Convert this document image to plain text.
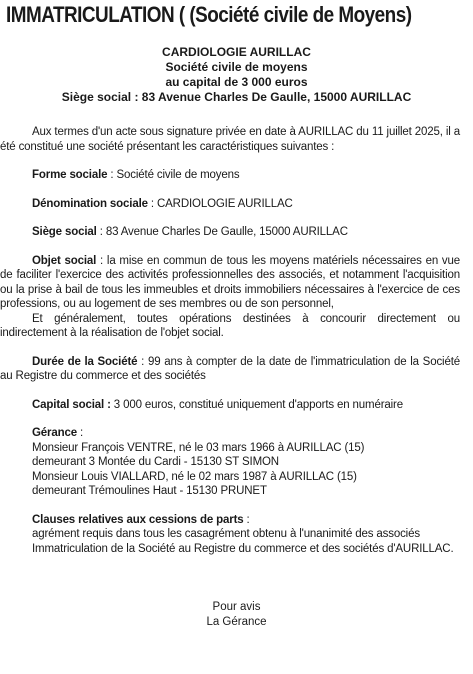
IMMATRICULATION ( (Société civile de Moyens)
CARDIOLOGIE AURILLAC
Société civile de moyens
au capital de 3 000 euros
Siège social : 83 Avenue Charles De Gaulle, 15000 AURILLAC

Aux termes d'un acte sous signature privée en date à AURILLAC du 11 juillet 2025, il a été constitué une société présentant les caractéristiques suivantes :

Forme sociale : Société civile de moyens

Dénomination sociale : CARDIOLOGIE AURILLAC

Siège social : 83 Avenue Charles De Gaulle, 15000 AURILLAC

Objet social : la mise en commun de tous les moyens matériels nécessaires en vue de faciliter l'exercice des activités professionnelles des associés, et notamment l'acquisition ou la prise à bail de tous les immeubles et droits immobiliers nécessaires à l'exercice de ces professions, ou au logement de ses membres ou de son personnel,

Et généralement, toutes opérations destinées à concourir directement ou indirectement à la réalisation de l'objet social.

Durée de la Société : 99 ans à compter de la date de l'immatriculation de la Société au Registre du commerce et des sociétés

Capital social : 3 000 euros, constitué uniquement d'apports en numéraire

Gérance :

Monsieur François VENTRE, né le 03 mars 1966 à AURILLAC (15)

demeurant 3 Montée du Cardi - 15130 ST SIMON

Monsieur Louis VIALLARD, né le 02 mars 1987 à AURILLAC (15)

demeurant Trémoulines Haut - 15130 PRUNET

Clauses relatives aux cessions de parts :

agrément requis dans tous les casagrément obtenu à l'unanimité des associés

Immatriculation de la Société au Registre du commerce et des sociétés d'AURILLAC.

Pour avis
La Gérance
